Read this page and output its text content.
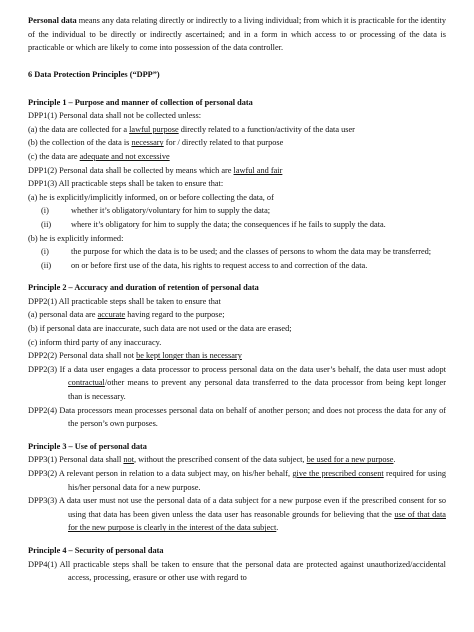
Personal data means any data relating directly or indirectly to a living individual; from which it is practicable for the identity of the individual to be directly or indirectly ascertained; and in a form in which access to or processing of the data is practicable or which are likely to come into possession of the data controller.

6 Data Protection Principles (“DPP”)

Principle 1 – Purpose and manner of collection of personal data

DPP1(1) Personal data shall not be collected unless:

(a) the data are collected for a lawful purpose directly related to a function/activity of the data user

(b) the collection of the data is necessary for / directly related to that purpose

(c) the data are adequate and not excessive

DPP1(2) Personal data shall be collected by means which are lawful and fair

DPP1(3) All practicable steps shall be taken to ensure that:

(a) he is explicitly/implicitly informed, on or before collecting the data, of

(i)	whether it’s obligatory/voluntary for him to supply the data;
(ii)	where it’s obligatory for him to supply the data; the consequences if he fails to supply the data.

(b) he is explicitly informed:

(i)	the purpose for which the data is to be used; and the classes of persons to whom the data may be transferred;
(ii)	on or before first use of the data, his rights to request access to and correction of the data.

Principle 2 – Accuracy and duration of retention of personal data

DPP2(1) All practicable steps shall be taken to ensure that

(a) personal data are accurate having regard to the purpose;

(b) if personal data are inaccurate, such data are not used or the data are erased;

(c) inform third party of any inaccuracy.

DPP2(2) Personal data shall not be kept longer than is necessary

DPP2(3) If a data user engages a data processor to process personal data on the data user’s behalf, the data user must adopt contractual/other means to prevent any personal data transferred to the data processor from being kept longer than is necessary.

DPP2(4) Data processors mean processes personal data on behalf of another person; and does not process the data for any of the person’s own purposes.

Principle 3 – Use of personal data

DPP3(1) Personal data shall not, without the prescribed consent of the data subject, be used for a new purpose.

DPP3(2) A relevant person in relation to a data subject may, on his/her behalf, give the prescribed consent required for using his/her personal data for a new purpose.

DPP3(3) A data user must not use the personal data of a data subject for a new purpose even if the prescribed consent for so using that data has been given unless the data user has reasonable grounds for believing that the use of that data for the new purpose is clearly in the interest of the data subject.

Principle 4 – Security of personal data

DPP4(1) All practicable steps shall be taken to ensure that the personal data are protected against unauthorized/accidental access, processing, erasure or other use with regard to
